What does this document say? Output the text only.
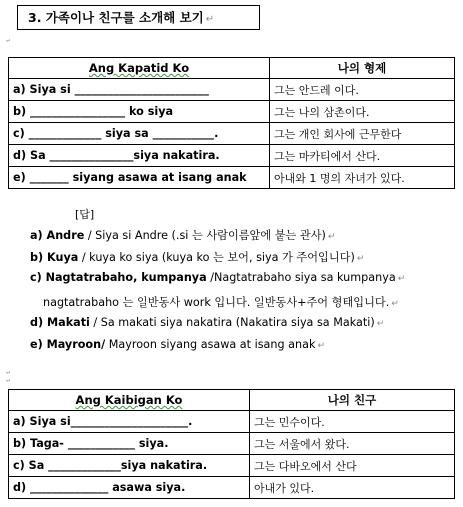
↵
↵
↵
3. 가족이나 친구를 소개해 보기 ↵
Ang Kapatid Ko	나의 형제
a) Siya si ________________________	그는 안드레 이다.
b) _________________ ko siya	그는 나의 삼촌이다.
c) _____________ siya sa ___________.	그는 개인 회사에 근무한다
d) Sa _______________siya nakatira.	그는 마카티에서 산다.
e) _______ siyang asawa at isang anak	아내와 1 명의 자녀가 있다.
[답]
a) Andre / Siya si Andre (.si 는 사람이름앞에 붙는 관사) ↵
b) Kuya / kuya ko siya (kuya ko 는 보어, siya 가 주어입니다) ↵
c) Nagtatrabaho, kumpanya /Nagtatrabaho siya sa kumpanya ↵
nagtatrabaho 는 일반동사 work 입니다. 일반동사+주어 형태입니다. ↵
d) Makati / Sa makati siya nakatira (Nakatira siya sa Makati) ↵
e) Mayroon/ Mayroon siyang asawa at isang anak ↵
Ang Kaibigan Ko	나의 친구
a) Siya si_____________________.	그는 민수이다.
b) Taga- ____________ siya.	그는 서울에서 왔다.
c) Sa _____________siya nakatira.	그는 다바오에서 산다
d) ______________ asawa siya.	아내가 있다.
